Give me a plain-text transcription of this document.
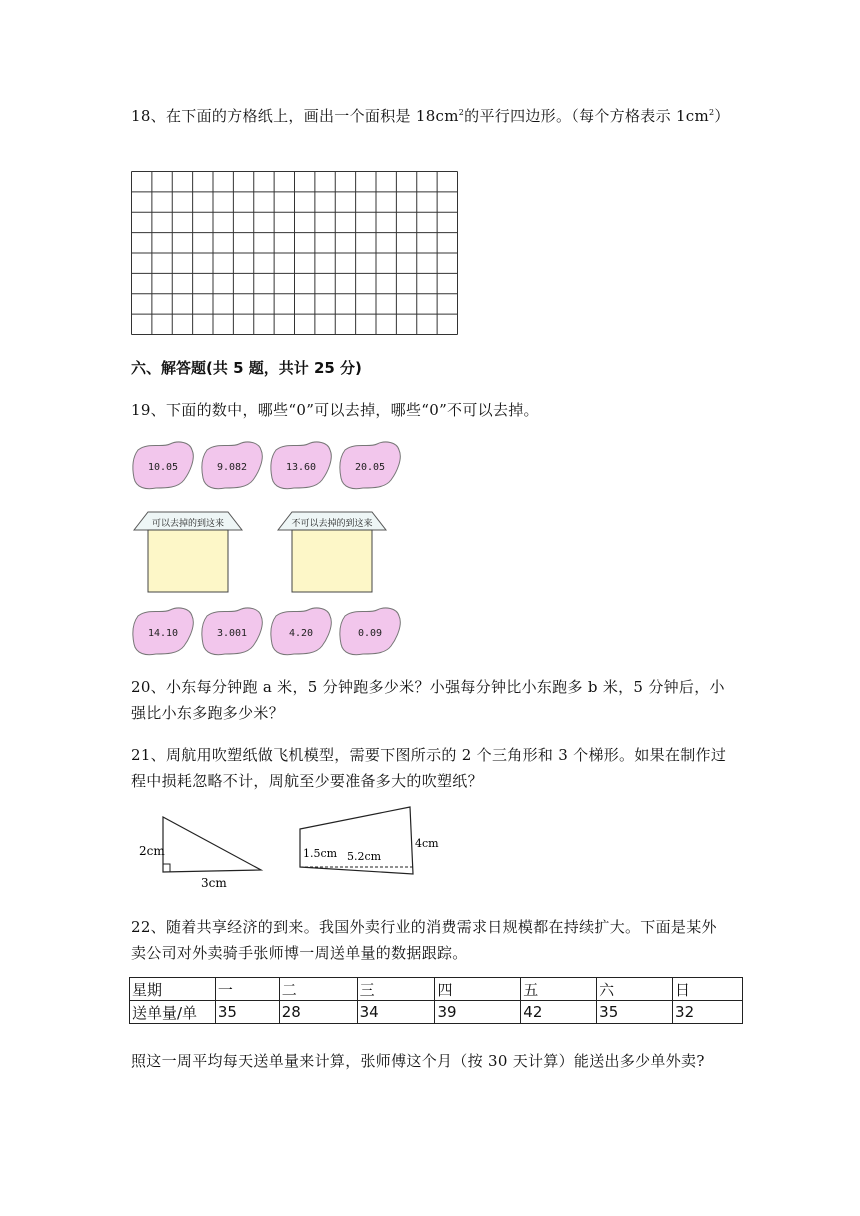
18、在下面的方格纸上，画出一个面积是 $18cm^2$的平行四边形。（每个方格表示 $1cm^2$）
六、解答题(共 5 题，共计 25 分)
19、下面的数中，哪些“0”可以去掉，哪些“0”不可以去掉。
10.05	9.082	13.60	20.05
可以去掉的到这来	不可以去掉的到这来
14.10	3.001	4.20	0.09
20、小东每分钟跑 a 米，5 分钟跑多少米？小强每分钟比小东跑多 b 米，5 分钟后，小强比小东多跑多少米？
21、周航用吹塑纸做飞机模型，需要下图所示的 2 个三角形和 3 个梯形。如果在制作过程中损耗忽略不计，周航至少要准备多大的吹塑纸？
2cm
3cm
1.5cm 5.2cm
4cm
22、随着共享经济的到来。我国外卖行业的消费需求日规模都在持续扩大。下面是某外卖公司对外卖骑手张师博一周送单量的数据跟踪。
星期	一	二	三	四	五	六	日
送单量/单	35	28	34	39	42	35	32
照这一周平均每天送单量来计算，张师傅这个月（按 30 天计算）能送出多少单外卖?
